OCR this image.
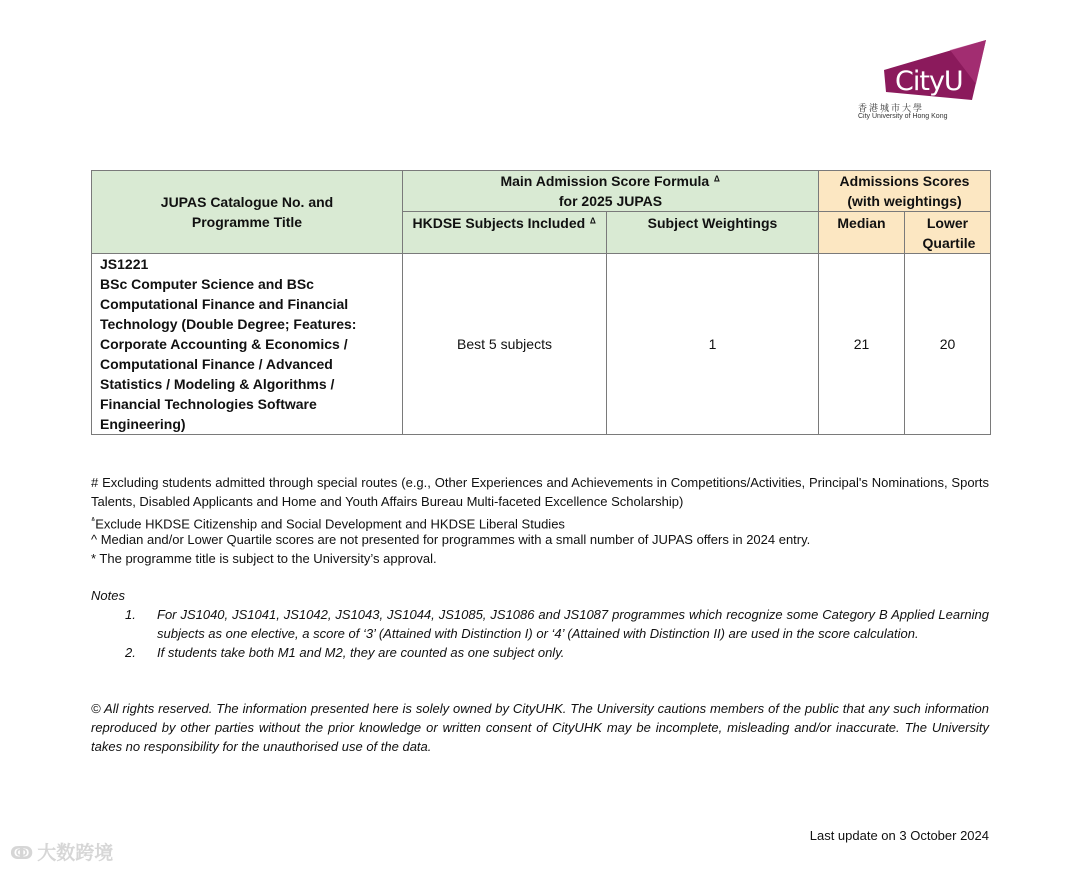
CityU
香港城市大學
City University of Hong Kong
JUPAS Catalogue No. and Programme Title	Main Admission Score Formula ᐞ for 2025 JUPAS		Admissions Scores (with weightings)	

	HKDSE Subjects Included ᐞ	Subject Weightings	Median	Lower Quartile

JS1221
BSc Computer Science and BSc Computational Finance and Financial Technology (Double Degree; Features: Corporate Accounting & Economics / Computational Finance / Advanced Statistics / Modeling & Algorithms / Financial Technologies Software Engineering)	Best 5 subjects	1	21	20
# Excluding students admitted through special routes (e.g., Other Experiences and Achievements in Competitions/Activities, Principal's Nominations, Sports Talents, Disabled Applicants and Home and Youth Affairs Bureau Multi-faceted Excellence Scholarship)
$^ᐞ$Exclude HKDSE Citizenship and Social Development and HKDSE Liberal Studies
^ Median and/or Lower Quartile scores are not presented for programmes with a small number of JUPAS offers in 2024 entry.
* The programme title is subject to the University’s approval.
Notes
1.	For JS1040, JS1041, JS1042, JS1043, JS1044, JS1085, JS1086 and JS1087 programmes which recognize some Category B Applied Learning subjects as one elective, a score of ‘3’ (Attained with Distinction I) or ‘4’ (Attained with Distinction II) are used in the score calculation.
2.	If students take both M1 and M2, they are counted as one subject only.
© All rights reserved. The information presented here is solely owned by CityUHK. The University cautions members of the public that any such information reproduced by other parties without the prior knowledge or written consent of CityUHK may be incomplete, misleading and/or inaccurate. The University takes no responsibility for the unauthorised use of the data.
Last update on 3 October 2024
ↂ 大数跨境
